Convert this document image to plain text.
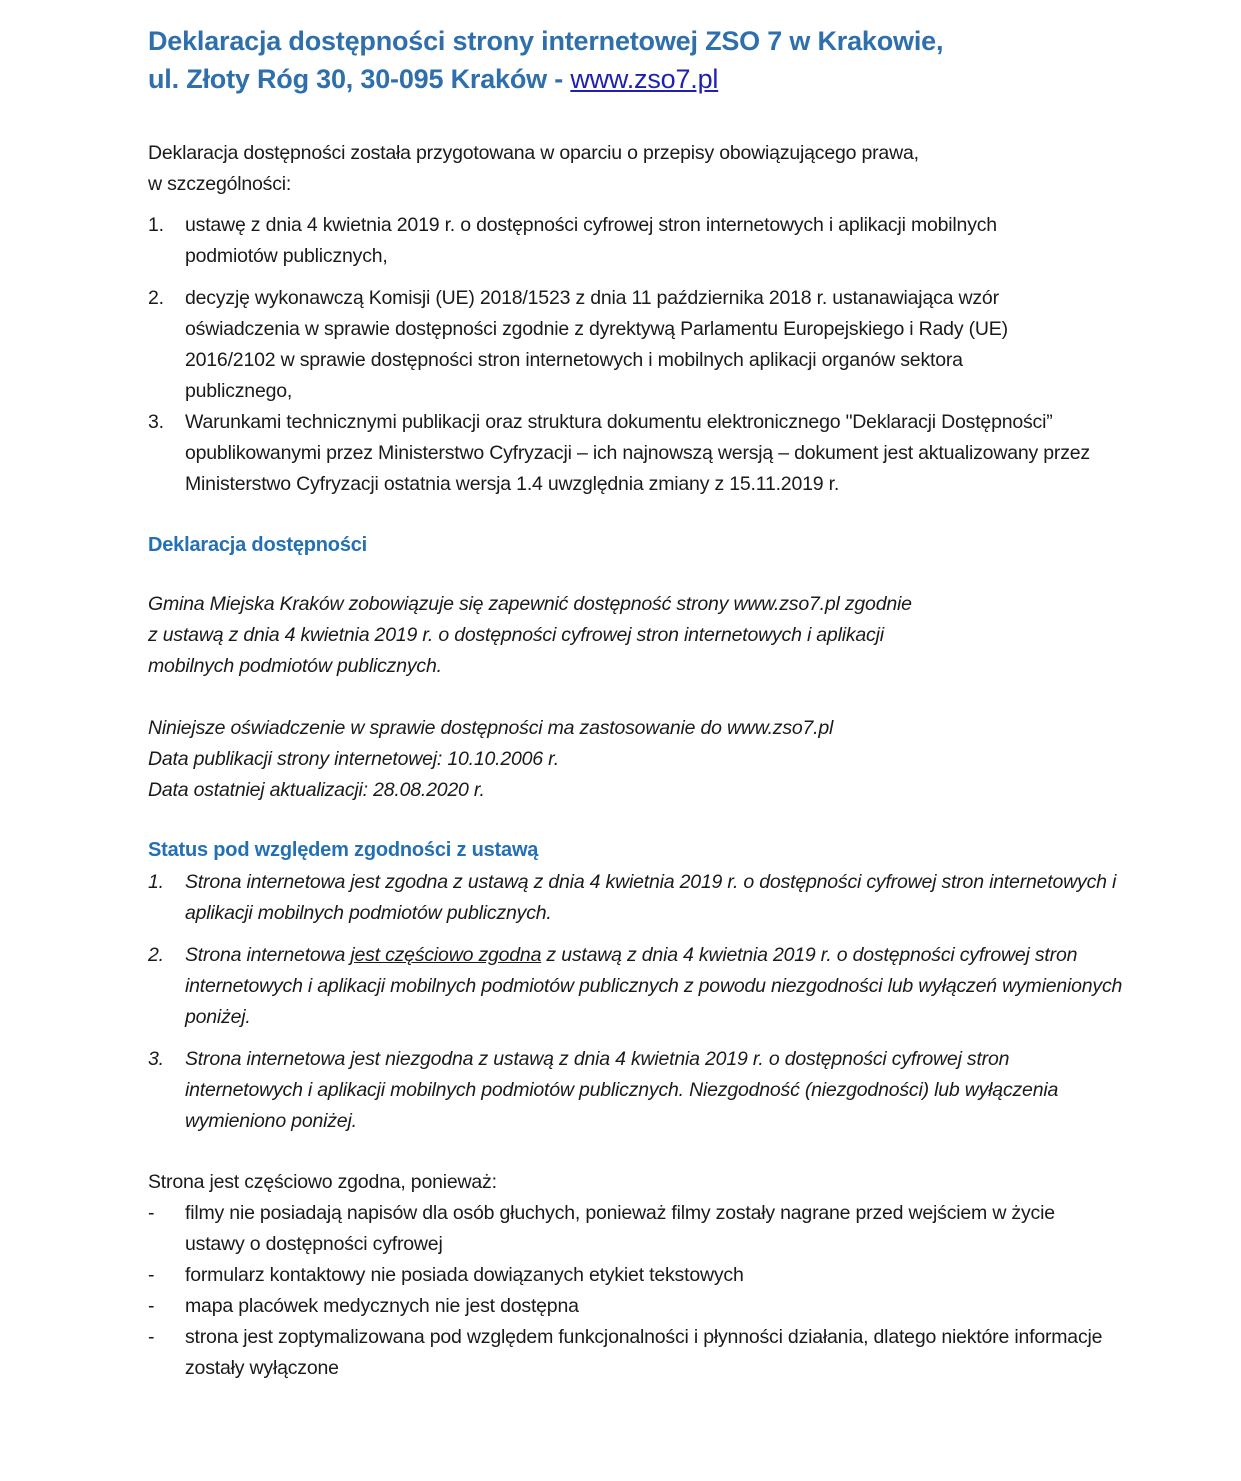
Deklaracja dostępności strony internetowej ZSO 7 w Krakowie,
ul. Złoty Róg 30, 30-095 Kraków - www.zso7.pl

Deklaracja dostępności została przygotowana w oparciu o przepisy obowiązującego prawa,
w szczególności:

1. ustawę z dnia 4 kwietnia 2019 r. o dostępności cyfrowej stron internetowych i aplikacji mobilnych podmiotów publicznych,
2. decyzję wykonawczą Komisji (UE) 2018/1523 z dnia 11 października 2018 r. ustanawiająca wzór oświadczenia w sprawie dostępności zgodnie z dyrektywą Parlamentu Europejskiego i Rady (UE) 2016/2102 w sprawie dostępności stron internetowych i mobilnych aplikacji organów sektora publicznego,
3. Warunkami technicznymi publikacji oraz struktura dokumentu elektronicznego "Deklaracji Dostępności” opublikowanymi przez Ministerstwo Cyfryzacji – ich najnowszą wersją – dokument jest aktualizowany przez Ministerstwo Cyfryzacji ostatnia wersja 1.4 uwzględnia zmiany z 15.11.2019 r.
Deklaracja dostępności

Gmina Miejska Kraków zobowiązuje się zapewnić dostępność strony www.zso7.pl zgodnie
z ustawą z dnia 4 kwietnia 2019 r. o dostępności cyfrowej stron internetowych i aplikacji
mobilnych podmiotów publicznych.

Niniejsze oświadczenie w sprawie dostępności ma zastosowanie do www.zso7.pl
Data publikacji strony internetowej: 10.10.2006 r.
Data ostatniej aktualizacji: 28.08.2020 r.

Status pod względem zgodności z ustawą
1. Strona internetowa jest zgodna z ustawą z dnia 4 kwietnia 2019 r. o dostępności cyfrowej stron internetowych i aplikacji mobilnych podmiotów publicznych.
2. Strona internetowa jest częściowo zgodna z ustawą z dnia 4 kwietnia 2019 r. o dostępności cyfrowej stron internetowych i aplikacji mobilnych podmiotów publicznych z powodu niezgodności lub wyłączeń wymienionych poniżej.
3. Strona internetowa jest niezgodna z ustawą z dnia 4 kwietnia 2019 r. o dostępności cyfrowej stron internetowych i aplikacji mobilnych podmiotów publicznych. Niezgodność (niezgodności) lub wyłączenia wymieniono poniżej.

Strona jest częściowo zgodna, ponieważ:

- filmy nie posiadają napisów dla osób głuchych, ponieważ filmy zostały nagrane przed wejściem w życie ustawy o dostępności cyfrowej
- formularz kontaktowy nie posiada dowiązanych etykiet tekstowych
- mapa placówek medycznych nie jest dostępna
- strona jest zoptymalizowana pod względem funkcjonalności i płynności działania, dlatego niektóre informacje zostały wyłączone
